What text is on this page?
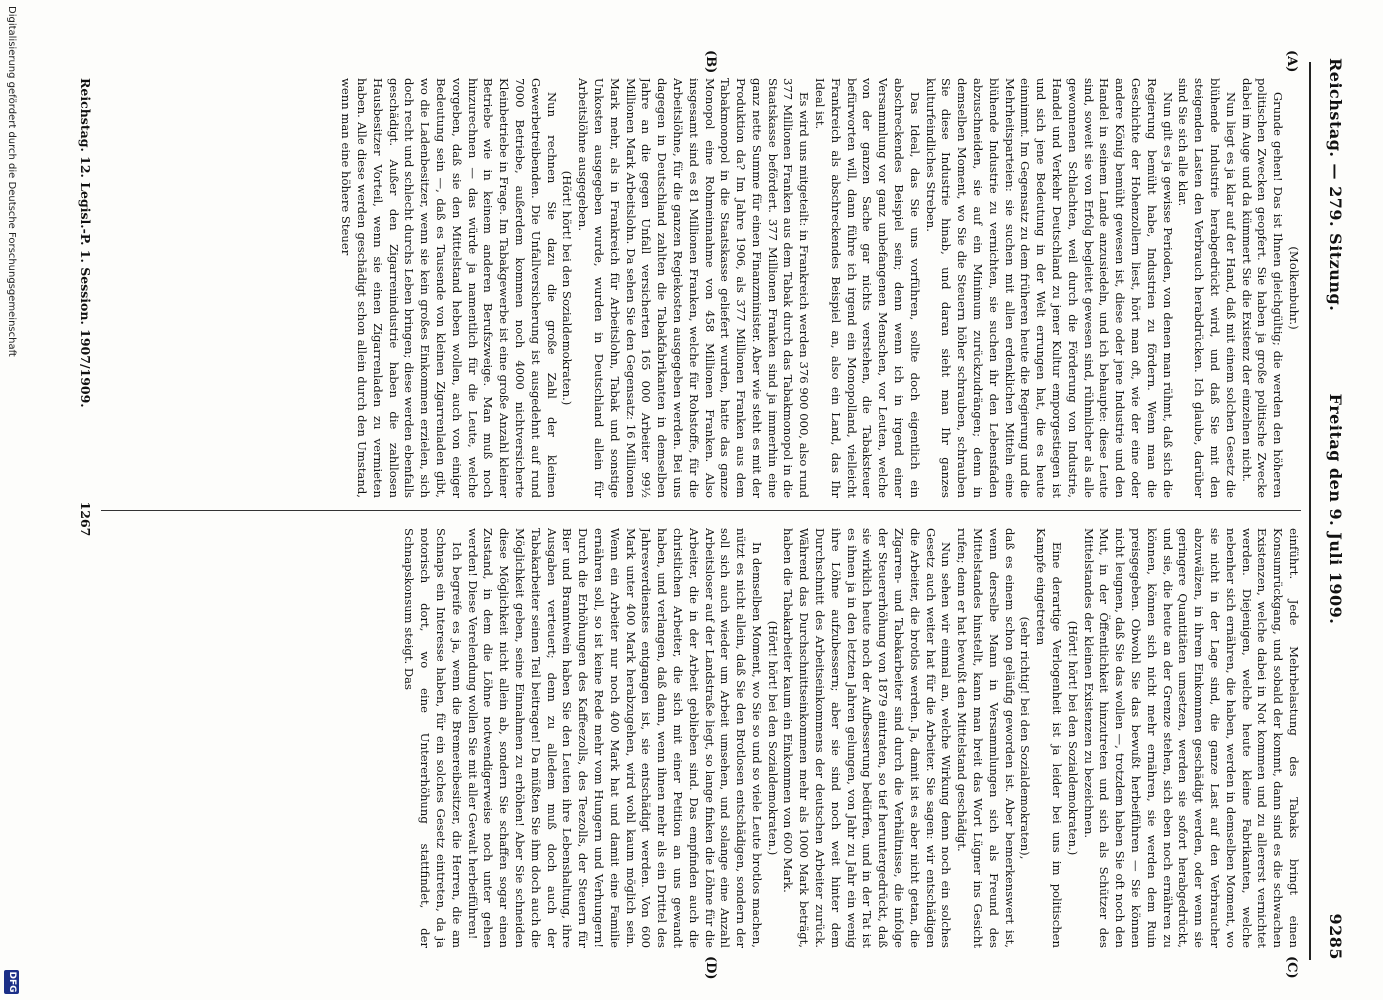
Reichstag. — 279. Sitzung.
Freitag den 9. Juli 1909.
9285
(A)
(B)
(C)
(D)

(Molkenbuhr.)

Grunde gehen! Das ist Ihnen gleichgültig; die werden den höheren politischen Zwecken geopfert. Sie haben ja große politische Zwecke dabei im Auge und da kümmert Sie die Existenz der einzelnen nicht.

Nun liegt es ja klar auf der Hand, daß mit einem solchen Gesetz die blühende Industrie herabgedrückt wird, und daß Sie mit den steigenden Lasten den Verbrauch herabdrücken. Ich glaube, darüber sind Sie sich alle klar.

Nun gilt es ja gewisse Perioden, von denen man rühmt, daß sich die Regierung bemüht habe, Industrien zu fördern. Wenn man die Geschichte der Hohenzollern liest, hört man oft, wie der eine oder andere König bemüht gewesen ist, diese oder jene Industrie und den Handel in seinem Lande anzusiedeln, und ich behaupte: diese Leute sind, soweit sie von Erfolg begleitet gewesen sind, rühmlicher als alle gewonnenen Schlachten, weil durch die Förderung von Industrie, Handel und Verkehr Deutschland zu jener Kultur emporgestiegen ist und sich jene Bedeutung in der Welt errungen hat, die es heute einnimmt. Im Gegensatz zu dem früheren heute die Regierung und die Mehrheitsparteien: sie suchen mit allen erdenklichen Mitteln eine blühende Industrie zu vernichten, sie suchen ihr den Lebensfaden abzuschneiden, sie auf ein Minimum zurückzudrängen; denn in demselben Moment, wo Sie die Steuern höher schrauben, schrauben Sie diese Industrie hinab, und daran sieht man Ihr ganzes kulturfeindliches Streben.

Das Ideal, das Sie uns vorführen, sollte doch eigentlich ein abschreckendes Beispiel sein; denn wenn ich in irgend einer Versammlung vor ganz unbefangenen Menschen, vor Leuten, welche von der ganzen Sache gar nichts verstehen, die Tabaksteuer befürworten will, dann führe ich irgend ein Monopolland, vielleicht Frankreich als abschreckendes Beispiel an, also ein Land, das Ihr Ideal ist.

Es wird uns mitgeteilt: in Frankreich werden 376 900 000, also rund 377 Millionen Franken aus dem Tabak durch das Tabakmonopol in die Staatskasse befördert. 377 Millionen Franken sind ja immerhin eine ganz nette Summe für einen Finanzminister. Aber wie steht es mit der Produktion da? Im Jahre 1906, als 377 Millionen Franken aus dem Tabakmonopol in die Staatskasse geliefert wurden, hatte das ganze Monopol eine Rohmeinnahme von 458 Millionen Franken. Also insgesamt sind es 81 Millionen Franken, welche für Rohstoffe, für die Arbeitslöhne, für die ganzen Regiekosten ausgegeben werden. Bei uns dagegen in Deutschland zahlten die Tabakfabrikanten in demselben Jahre an die gegen Unfall versicherten 165 000 Arbeiter 99½ Millionen Mark Arbeitslohn. Da sehen Sie den Gegensatz: 16 Millionen Mark mehr, als in Frankreich für Arbeitslohn, Tabak und sonstige Unkosten ausgegeben wurde, wurden in Deutschland allein für Arbeitslöhne ausgegeben.

(Hört! hört! bei den Sozialdemokraten.)

Nun rechnen Sie dazu die große Zahl der kleinen Gewerbetreibenden. Die Unfallversicherung ist ausgedehnt auf rund 7000 Betriebe, außerdem kommen noch 4000 nichtversicherte Kleinbetriebe in Frage. Im Tabakgewerbe ist eine große Anzahl kleiner Betriebe wie in keinem anderen Berufszweige. Man muß noch hinzurechnen — das würde ja namentlich für die Leute, welche vorgeben, daß sie den Mittelstand heben wollen, auch von einiger Bedeutung sein —, daß es Tausende von kleinen Zigarrenladen gibt, wo die Ladenbesitzer, wenn sie kein großes Einkommen erzielen, sich doch recht und schlecht durchs Leben bringen; diese werden ebenfalls geschädigt. Außer den Zigarrenindustrie haben die zahllosen Hausbesitzer Vorteil, wenn sie einen Zigarrenladen zu vermieten haben. Alle diese werden geschädigt schon allein durch den Umstand, wenn man eine höhere Steuer

einführt. Jede Mehrbelastung des Tabaks bringt einen Konsumrückgang, und sobald der kommt, dann sind es die schwachen Existenzen, welche dabei in Not kommen und zu allererst vernichtet werden. Diejenigen, welche heute kleine Fabrikanten, welche nebenher sich ernähren, die haben, werden in demselben Moment, wo sie nicht in der Lage sind, die ganze Last auf den Verbraucher abzuwälzen, in ihrem Einkommen geschädigt werden, oder wenn sie geringere Quantitäten umsetzen, werden sie sofort herabgedrückt, und sie, die heute an der Grenze stehen, sich eben noch ernähren zu können, können sich nicht mehr ernähren, sie werden dem Ruin preisgegeben. Obwohl Sie das bewußt herbeiführen — Sie können nicht leugnen, daß Sie das wollen —, trotzdem haben Sie oft noch den Mut, in der Öffentlichkeit hinzutreten und sich als Schützer des Mittelstandes der kleinen Existenzen zu bezeichnen.

(Hört! hört! bei den Sozialdemokraten.)

Eine derartige Verlogenheit ist ja leider bei uns im politischen Kampfe eingetreten

(sehr richtig! bei den Sozialdemokraten),

daß es einem schon geläufig geworden ist. Aber bemerkenswert ist, wenn derselbe Mann in Versammlungen sich als Freund des Mittelstandes hinstellt, kann man breit das Wort Lügner ins Gesicht rufen; denn er hat bewußt den Mittelstand geschädigt.

Nun sehen wir einmal an, welche Wirkung denn noch ein solches Gesetz auch weiter hat für die Arbeiter. Sie sagen: wir entschädigen die Arbeiter, die brotlos werden. Ja, damit ist es aber nicht getan, die Zigarren- und Tabakarbeiter sind durch die Verhältnisse, die infolge der Steuererhöhung von 1879 eintraten, so tief heruntergedrückt, daß sie wirklich heute noch der Aufbesserung bedürfen, und in der Tat ist es ihnen ja in den letzten Jahren gelungen, von Jahr zu Jahr ein wenig ihre Löhne aufzubessern; aber sie sind noch weit hinter dem Durchschnitt des Arbeitseinkommens der deutschen Arbeiter zurück. Während das Durchschnittseinkommen mehr als 1000 Mark beträgt, haben die Tabakarbeiter kaum ein Einkommen von 600 Mark.

(Hört! hört! bei den Sozialdemokraten.)

In demselben Moment, wo Sie so und so viele Leute brotlos machen, nützt es nicht allein, daß Sie den Brotlosen entschädigen, sondern der soll sich auch wieder um Arbeit umsehen, und solange eine Anzahl Arbeitsloser auf der Landstraße liegt, so lange finken die Löhne für die Arbeiter, die in der Arbeit geblieben sind. Das empfinden auch die christlichen Arbeiter, die sich mit einer Petition an uns gewandt haben, und verlangen, daß dann, wenn ihnen mehr als ein Drittel des Jahresverdienstes entgangen ist, sie entschädigt werden. Von 600 Mark unter 400 Mark herabzugehen, wird wohl kaum möglich sein. Wenn ein Arbeiter nur noch 400 Mark hat und damit eine Familie ernähren soll, so ist keine Rede mehr vom Hungern und Verhungern! Durch die Erhöhungen des Kaffeezolls, des Teezolls, der Steuern für Bier und Branntwein haben Sie den Leuten ihre Lebenshaltung, ihre Ausgaben verteuert; denn zu alledem muß doch auch der Tabakarbeiter seinen Teil beitragen! Da müßten Sie ihm doch auch die Möglichkeit geben, seine Einnahmen zu erhöhen! Aber Sie schneiden diese Möglichkeit nicht allein ab, sondern Sie schaffen sogar einen Zustand, in dem die Löhne notwendigerweise noch unter gehen werden! Diese Verelendung wollen Sie mit aller Gewalt herbeiführen!

Ich begreife es ja, wenn die Bremereibesitzer, die Herren, die am Schnaps ein Interesse haben, für ein solches Gesetz eintreten, da ja notorisch dort, wo eine Untererhöhung stattfindet, der Schnapskonsum steigt. Das

Reichstag. 12. Legisl.-P. 1. Session. 1907/1909.
1267
Digitalisierung gefördert durch die Deutsche Forschungsgemeinschaft
DFG
